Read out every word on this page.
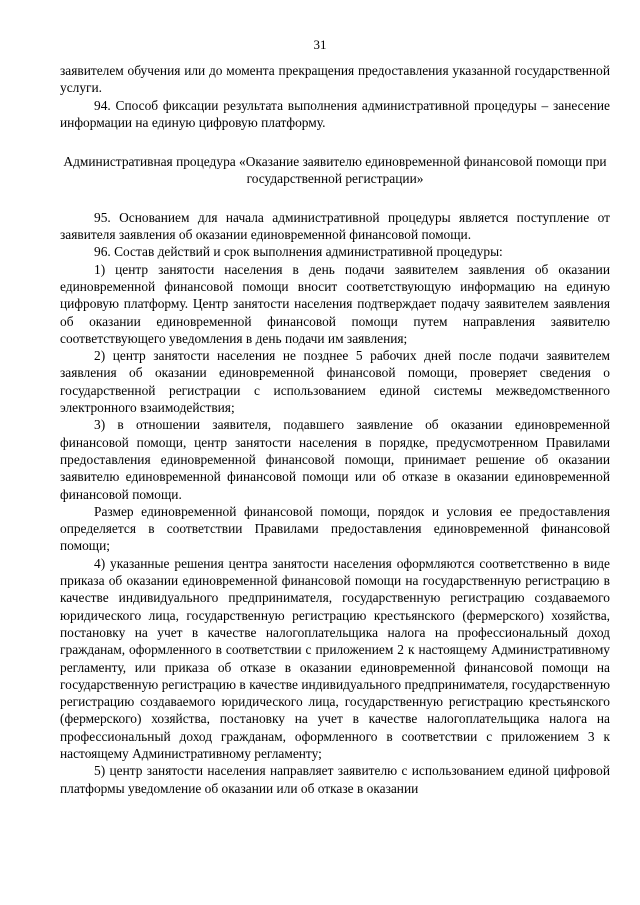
31

заявителем обучения или до момента прекращения предоставления указанной государственной услуги.

94. Способ фиксации результата выполнения административной процедуры – занесение информации на единую цифровую платформу.

Административная процедура «Оказание заявителю единовременной финансовой помощи при государственной регистрации»

95. Основанием для начала административной процедуры является поступление от заявителя заявления об оказании единовременной финансовой помощи.

96. Состав действий и срок выполнения административной процедуры:

1) центр занятости населения в день подачи заявителем заявления об оказании единовременной финансовой помощи вносит соответствующую информацию на единую цифровую платформу. Центр занятости населения подтверждает подачу заявителем заявления об оказании единовременной финансовой помощи путем направления заявителю соответствующего уведомления в день подачи им заявления;

2) центр занятости населения не позднее 5 рабочих дней после подачи заявителем заявления об оказании единовременной финансовой помощи, проверяет сведения о государственной регистрации с использованием единой системы межведомственного электронного взаимодействия;

3) в отношении заявителя, подавшего заявление об оказании единовременной финансовой помощи, центр занятости населения в порядке, предусмотренном Правилами предоставления единовременной финансовой помощи, принимает решение об оказании заявителю единовременной финансовой помощи или об отказе в оказании единовременной финансовой помощи.

Размер единовременной финансовой помощи, порядок и условия ее предоставления определяется в соответствии Правилами предоставления единовременной финансовой помощи;

4) указанные решения центра занятости населения оформляются соответственно в виде приказа об оказании единовременной финансовой помощи на государственную регистрацию в качестве индивидуального предпринимателя, государственную регистрацию создаваемого юридического лица, государственную регистрацию крестьянского (фермерского) хозяйства, постановку на учет в качестве налогоплательщика налога на профессиональный доход гражданам, оформленного в соответствии с приложением 2 к настоящему Административному регламенту, или приказа об отказе в оказании единовременной финансовой помощи на государственную регистрацию в качестве индивидуального предпринимателя, государственную регистрацию создаваемого юридического лица, государственную регистрацию крестьянского (фермерского) хозяйства, постановку на учет в качестве налогоплательщика налога на профессиональный доход гражданам, оформленного в соответствии с приложением 3 к настоящему Административному регламенту;

5) центр занятости населения направляет заявителю с использованием единой цифровой платформы уведомление об оказании или об отказе в оказании
